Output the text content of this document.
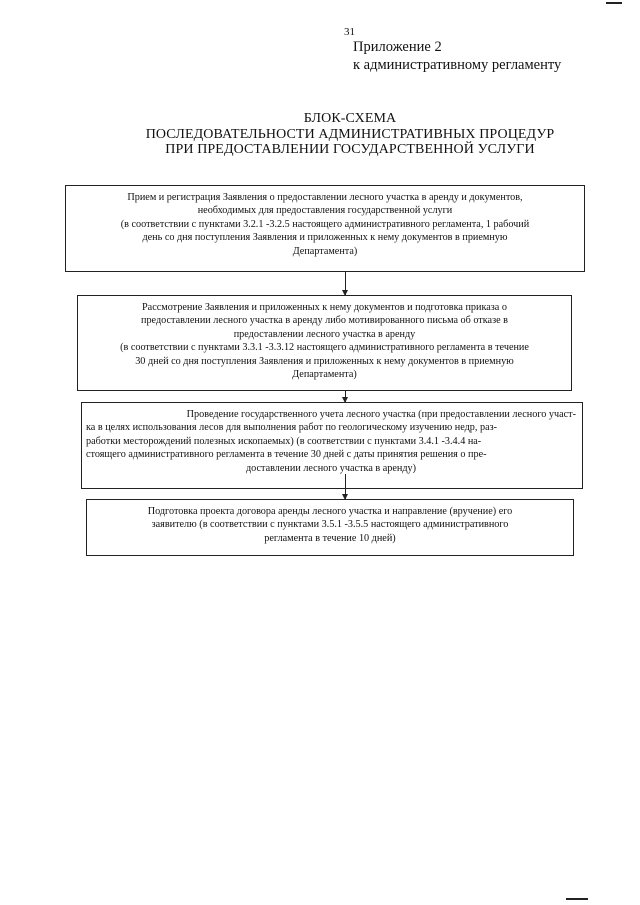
31
Приложение 2
к административному регламенту
БЛОК-СХЕМА
ПОСЛЕДОВАТЕЛЬНОСТИ АДМИНИСТРАТИВНЫХ ПРОЦЕДУР
ПРИ ПРЕДОСТАВЛЕНИИ ГОСУДАРСТВЕННОЙ УСЛУГИ
Прием и регистрация Заявления о предоставлении лесного участка в аренду и документов,
необходимых для предоставления государственной услуги
(в соответствии с пунктами 3.2.1 -3.2.5 настоящего административного регламента, 1 рабочий
день со дня поступления Заявления и приложенных к нему документов в приемную
Департамента)
Рассмотрение Заявления и приложенных к нему документов и подготовка приказа о
предоставлении лесного участка в аренду либо мотивированного письма об отказе в
предоставлении лесного участка в аренду
(в соответствии с пунктами 3.3.1 -3.3.12 настоящего административного регламента в течение
30 дней со дня поступления Заявления и приложенных к нему документов в приемную
Департамента)
Проведение государственного учета лесного участка (при предоставлении лесного участ-
ка в целях использования лесов для выполнения работ по геологическому изучению недр, раз-
работки месторождений полезных ископаемых) (в соответствии с пунктами 3.4.1 -3.4.4 на-
стоящего административного регламента в течение 30 дней с даты принятия решения о пре-
доставлении лесного участка в аренду)
Подготовка проекта договора аренды лесного участка и направление (вручение) его
заявителю (в соответствии с пунктами 3.5.1 -3.5.5 настоящего административного
регламента в течение 10 дней)
